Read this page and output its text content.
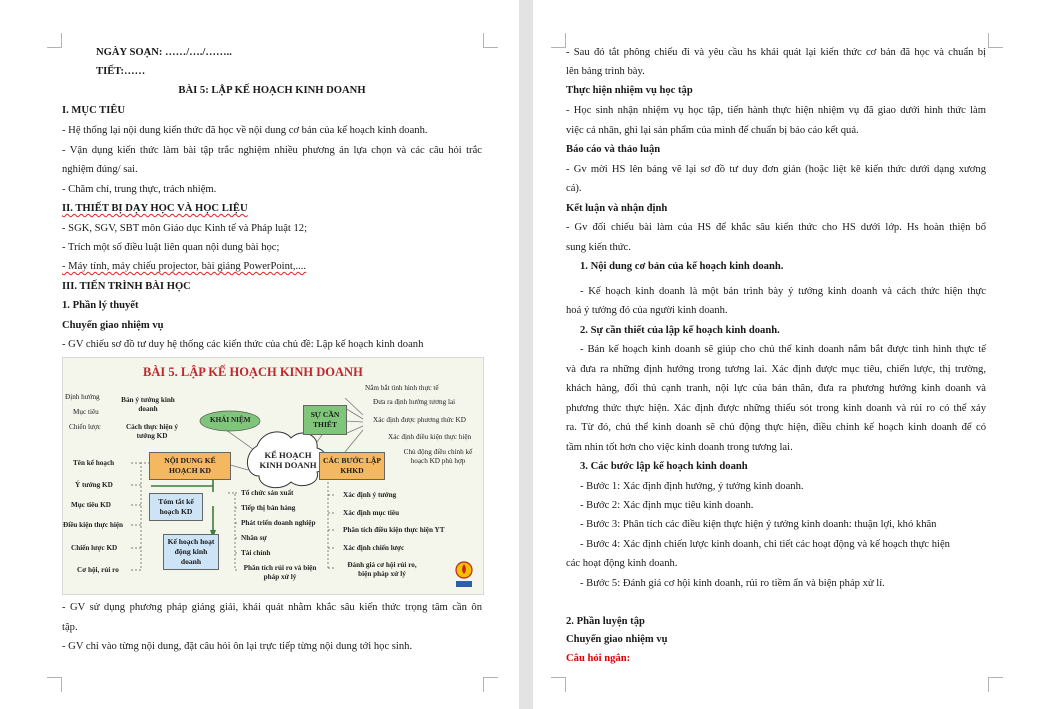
NGÀY SOẠN: ……/…./……..
TIẾT:……
BÀI 5: LẬP KẾ HOẠCH KINH DOANH
I. MỤC TIÊU
- Hệ thống lại nội dung kiến thức đã học về nội dung cơ bản của kế hoạch kinh doanh.
- Vận dụng kiến thức làm bài tập trắc nghiệm nhiều phương án lựa chọn và các câu hỏi trắc
nghiệm đúng/ sai.
- Chăm chỉ, trung thực, trách nhiệm.
II. THIẾT BỊ DẠY HỌC VÀ HỌC LIỆU
- SGK, SGV, SBT môn Giáo dục Kinh tế và Pháp luật 12;
- Trích một số điều luật liên quan nội dung bài học;
- Máy tính, máy chiếu projector, bài giảng PowerPoint,....
III. TIẾN TRÌNH BÀI HỌC
1. Phần lý thuyết
Chuyển giao nhiệm vụ
- GV chiếu sơ đồ tư duy hệ thống các kiến thức của chủ đề: Lập kế hoạch kinh doanh
BÀI 5. LẬP KẾ HOẠCH KINH DOANH
KẾ HOẠCH KINH DOANH
KHÁI NIỆM
Định hướng
Mục tiêu
Chiến lược
Bản ý tưởng kinh doanh
Cách thực hiện ý tưởng KD
SỰ CẦN THIẾT
Nắm bắt tình hình thực tế
Đưa ra định hướng tương lai
Xác định được phương thức KD
Xác định điều kiện thực hiện
Chủ động điều chỉnh kế hoạch KD phù hợp
NỘI DUNG KẾ HOẠCH KD
Tên kế hoạch
Ý tưởng KD
Mục tiêu KD
Điều kiện thực hiện
Chiến lược KD
Cơ hội, rủi ro
Tóm tắt kế hoạch KD
Kế hoạch hoạt động kinh doanh
Tổ chức sản xuất
Tiếp thị bán hàng
Phát triển doanh nghiệp
Nhân sự
Tài chính
Phân tích rủi ro và biện pháp xử lý
CÁC BƯỚC LẬP KHKD
Xác định ý tưởng
Xác định mục tiêu
Phân tích điều kiện thực hiện YT
Xác định chiến lược
Đánh giá cơ hội rủi ro, biện pháp xử lý
- GV sử dụng phương pháp giảng giải, khái quát nhằm khắc sâu kiến thức trọng tâm cần ôn
tập.
- GV chỉ vào từng nội dung, đặt câu hỏi ôn lại trực tiếp từng nội dung tới học sinh.
- Sau đó tắt phông chiếu đi và yêu cầu hs khái quát lại kiến thức cơ bản đã học và chuẩn bị
lên bảng trình bày.
Thực hiện nhiệm vụ học tập
- Học sinh nhận nhiệm vụ học tập, tiến hành thực hiện nhiệm vụ đã giao dưới hình thức làm
việc cá nhân, ghi lại sản phẩm của mình để chuẩn bị báo cáo kết quả.
Báo cáo và thảo luận
- Gv mời HS lên bảng vẽ lại sơ đồ tư duy đơn giản (hoặc liệt kê kiến thức dưới dạng xương
cá).
Kết luận và nhận định
- Gv đối chiếu bài làm của HS để khắc sâu kiến thức cho HS dưới lớp. Hs hoàn thiện bổ
sung kiến thức.
1. Nội dung cơ bản của kế hoạch kinh doanh.
- Kế hoạch kinh doanh là một bản trình bày ý tưởng kinh doanh và cách thức hiện thực
hoá ý tưởng đó của người kinh doanh.
2. Sự cần thiết của lập kế hoạch kinh doanh.
- Bản kế hoạch kinh doanh sẽ giúp cho chủ thể kinh doanh nắm bắt được tình hình thực tế
và đưa ra những định hướng trong tương lai. Xác định được mục tiêu, chiến lược, thị trường,
khách hàng, đối thủ cạnh tranh, nội lực của bản thân, đưa ra phương hướng kinh doanh và
phương thức thực hiện. Xác định được những thiếu sót trong kinh doanh và rủi ro có thể xảy
ra. Từ đó, chủ thể kinh doanh sẽ chủ động thực hiện, điều chỉnh kế hoạch kinh doanh để có
tầm nhìn tốt hơn cho việc kinh doanh trong tương lai.
3. Các bước lập kế hoạch kinh doanh
- Bước 1: Xác định định hướng, ý tưởng kinh doanh.
- Bước 2: Xác định mục tiêu kinh doanh.
- Bước 3: Phân tích các điều kiện thực hiện ý tưởng kinh doanh: thuận lợi, khó khăn
- Bước 4: Xác định chiến lược kinh doanh, chi tiết các hoạt động và kế hoạch thực hiện
các hoạt động kinh doanh.
- Bước 5: Đánh giá cơ hội kinh doanh, rủi ro tiềm ẩn và biện pháp xử lí.
2. Phần luyện tập
Chuyển giao nhiệm vụ
Câu hỏi ngắn:
